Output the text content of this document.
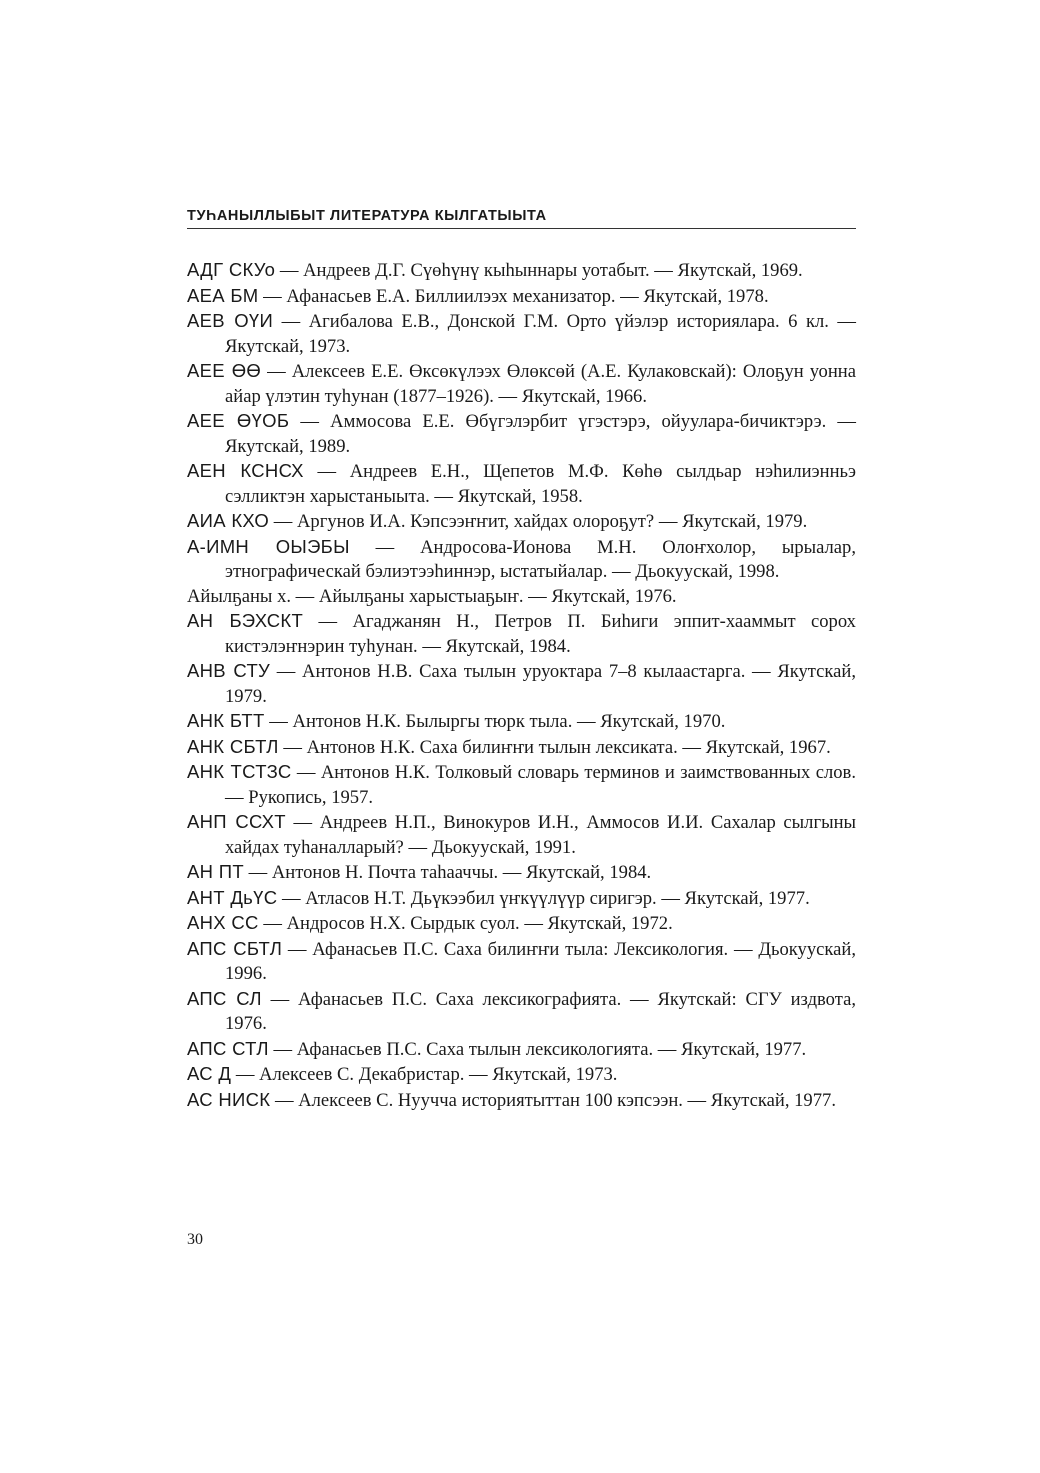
ТУҺАНЫЛЛЫБЫТ ЛИТЕРАТУРА КЫЛГАТЫЫТА

АДГ СКУо — Андреев Д.Г. Сүөһүнү кыһыннары уотабыт. — Якутскай, 1969.

АЕА БМ — Афанасьев Е.А. Биллиилээх механизатор. — Якутскай, 1978.

АЕВ ОҮИ — Агибалова Е.В., Донской Г.М. Орто үйэлэр историялара. 6 кл. — Якутскай, 1973.

АЕЕ ӨӨ — Алексеев Е.Е. Өксөкүлээх Өлөксөй (А.Е. Кулаковскай): Олоҕун уонна айар үлэтин туһунан (1877–1926). — Якутскай, 1966.

АЕЕ ӨҮОБ — Аммосова Е.Е. Өбүгэлэрбит үгэстэрэ, ойуулара-бичиктэрэ. — Якутскай, 1989.

АЕН КСНСХ — Андреев Е.Н., Щепетов М.Ф. Көһө сылдьар нэһилиэнньэ сэлликтэн харыстаныыта. — Якутскай, 1958.

АИА КХО — Аргунов И.А. Кэпсээҥҥит, хайдах олороҕут? — Якутскай, 1979.

А-ИМН ОЫЭБЫ — Андросова-Ионова М.Н. Олоҥхолор, ырыалар, этнографическай бэлиэтээһиннэр, ыстатыйалар. — Дьокуускай, 1998.

Айылҕаны х. — Айылҕаны харыстыаҕыҥ. — Якутскай, 1976.

АН БЭХСКТ — Агаджанян Н., Петров П. Биһиги эппит-хааммыт сорох кистэлэҥнэрин туһунан. — Якутскай, 1984.

АНВ СТУ — Антонов Н.В. Саха тылын уруоктара 7–8 кылаастарга. — Якутскай, 1979.

АНК БТТ — Антонов Н.К. Былыргы тюрк тыла. — Якутскай, 1970.

АНК СБТЛ — Антонов Н.К. Саха билиҥҥи тылын лексиката. — Якутскай, 1967.

АНК ТСТЗС — Антонов Н.К. Толковый словарь терминов и заимствованных слов. — Рукопись, 1957.

АНП ССХТ — Андреев Н.П., Винокуров И.Н., Аммосов И.И. Сахалар сылгыны хайдах туһаналларый? — Дьокуускай, 1991.

АН ПТ — Антонов Н. Почта таһааччы. — Якутскай, 1984.

АНТ ДьҮС — Атласов Н.Т. Дьүкээбил үҥкүүлүүр сиригэр. — Якутскай, 1977.

АНХ СС — Андросов Н.Х. Сырдык суол. — Якутскай, 1972.

АПС СБТЛ — Афанасьев П.С. Саха билиҥҥи тыла: Лексикология. — Дьокуускай, 1996.

АПС СЛ — Афанасьев П.С. Саха лексикографията. — Якутскай: СГУ издвота, 1976.

АПС СТЛ — Афанасьев П.С. Саха тылын лексикологията. — Якутскай, 1977.

АС Д — Алексеев С. Декабристар. — Якутскай, 1973.

АС НИСК — Алексеев С. Нуучча историятыттан 100 кэпсээн. — Якутскай, 1977.

30
